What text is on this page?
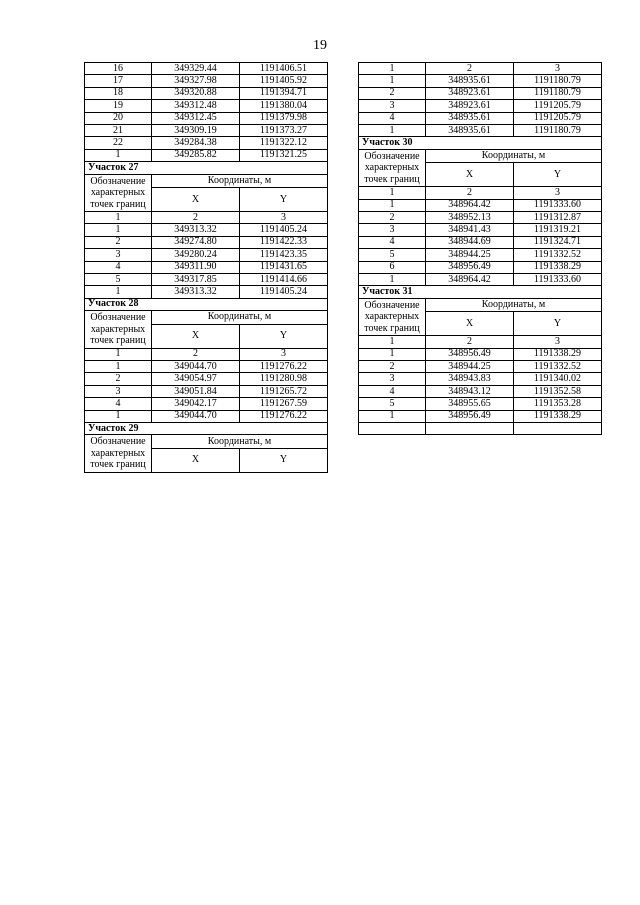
19
16	349329.44	1191406.51
17	349327.98	1191405.92
18	349320.88	1191394.71
19	349312.48	1191380.04
20	349312.45	1191379.98
21	349309.19	1191373.27
22	349284.38	1191322.12
1	349285.82	1191321.25
Участок 27		
Обозначение характерных точек границ	Координаты, м	
	X	Y
1	2	3
1	349313.32	1191405.24
2	349274.80	1191422.33
3	349280.24	1191423.35
4	349311.90	1191431.65
5	349317.85	1191414.66
1	349313.32	1191405.24
Участок 28		
Обозначение характерных точек границ	Координаты, м	
	X	Y
1	2	3
1	349044.70	1191276.22
2	349054.97	1191280.98
3	349051.84	1191265.72
4	349042.17	1191267.59
1	349044.70	1191276.22
Участок 29		
Обозначение характерных точек границ	Координаты, м	
	X	Y
1	2	3
1	348935.61	1191180.79
2	348923.61	1191180.79
3	348923.61	1191205.79
4	348935.61	1191205.79
1	348935.61	1191180.79
Участок 30		
Обозначение характерных точек границ	Координаты, м	
	X	Y
1	2	3
1	348964.42	1191333.60
2	348952.13	1191312.87
3	348941.43	1191319.21
4	348944.69	1191324.71
5	348944.25	1191332.52
6	348956.49	1191338.29
1	348964.42	1191333.60
Участок 31		
Обозначение характерных точек границ	Координаты, м	
	X	Y
1	2	3
1	348956.49	1191338.29
2	348944.25	1191332.52
3	348943.83	1191340.02
4	348943.12	1191352.58
5	348955.65	1191353.28
1	348956.49	1191338.29
